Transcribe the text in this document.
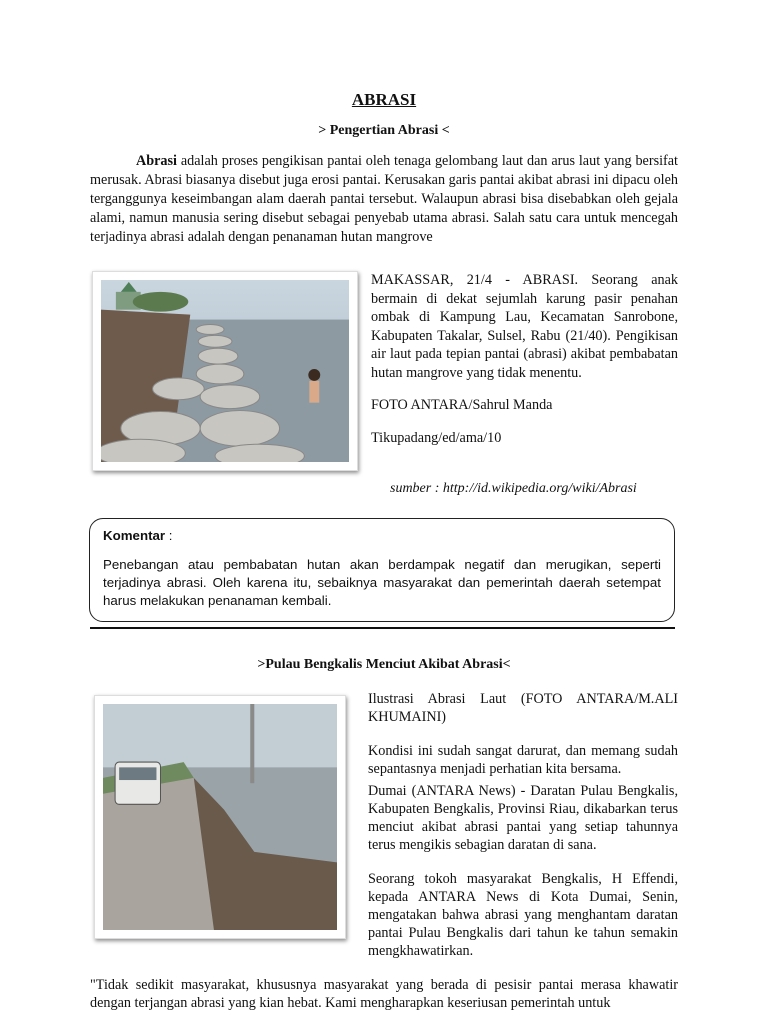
ABRASI
> Pengertian Abrasi <
Abrasi adalah proses pengikisan pantai oleh tenaga gelombang laut dan arus laut yang bersifat merusak. Abrasi biasanya disebut juga erosi pantai. Kerusakan garis pantai akibat abrasi ini dipacu oleh terganggunya keseimbangan alam daerah pantai tersebut. Walaupun abrasi bisa disebabkan oleh gejala alami, namun manusia sering disebut sebagai penyebab utama abrasi. Salah satu cara untuk mencegah terjadinya abrasi adalah dengan penanaman hutan mangrove

MAKASSAR, 21/4 - ABRASI. Seorang anak bermain di dekat sejumlah karung pasir penahan ombak di Kampung Lau, Kecamatan Sanrobone, Kabupaten Takalar, Sulsel, Rabu (21/40). Pengikisan air laut pada tepian pantai (abrasi) akibat pembabatan hutan mangrove yang tidak menentu.

FOTO ANTARA/Sahrul Manda

Tikupadang/ed/ama/10

sumber : http://id.wikipedia.org/wiki/Abrasi
Komentar :
Penebangan atau pembabatan hutan akan berdampak negatif dan merugikan, seperti terjadinya abrasi. Oleh karena itu, sebaiknya masyarakat dan pemerintah daerah setempat harus melakukan penanaman kembali.
>Pulau Bengkalis Menciut Akibat Abrasi<

Ilustrasi Abrasi Laut (FOTO ANTARA/M.ALI KHUMAINI)

Kondisi ini sudah sangat darurat, dan memang sudah sepantasnya menjadi perhatian kita bersama.

Dumai (ANTARA News) - Daratan Pulau Bengkalis, Kabupaten Bengkalis, Provinsi Riau, dikabarkan terus menciut akibat abrasi pantai yang setiap tahunnya terus mengikis sebagian daratan di sana.

Seorang tokoh masyarakat Bengkalis, H Effendi, kepada ANTARA News di Kota Dumai, Senin, mengatakan bahwa abrasi yang menghantam daratan pantai Pulau Bengkalis dari tahun ke tahun semakin mengkhawatirkan.

"Tidak sedikit masyarakat, khususnya masyarakat yang berada di pesisir pantai merasa khawatir dengan terjangan abrasi yang kian hebat. Kami mengharapkan keseriusan pemerintah untuk
